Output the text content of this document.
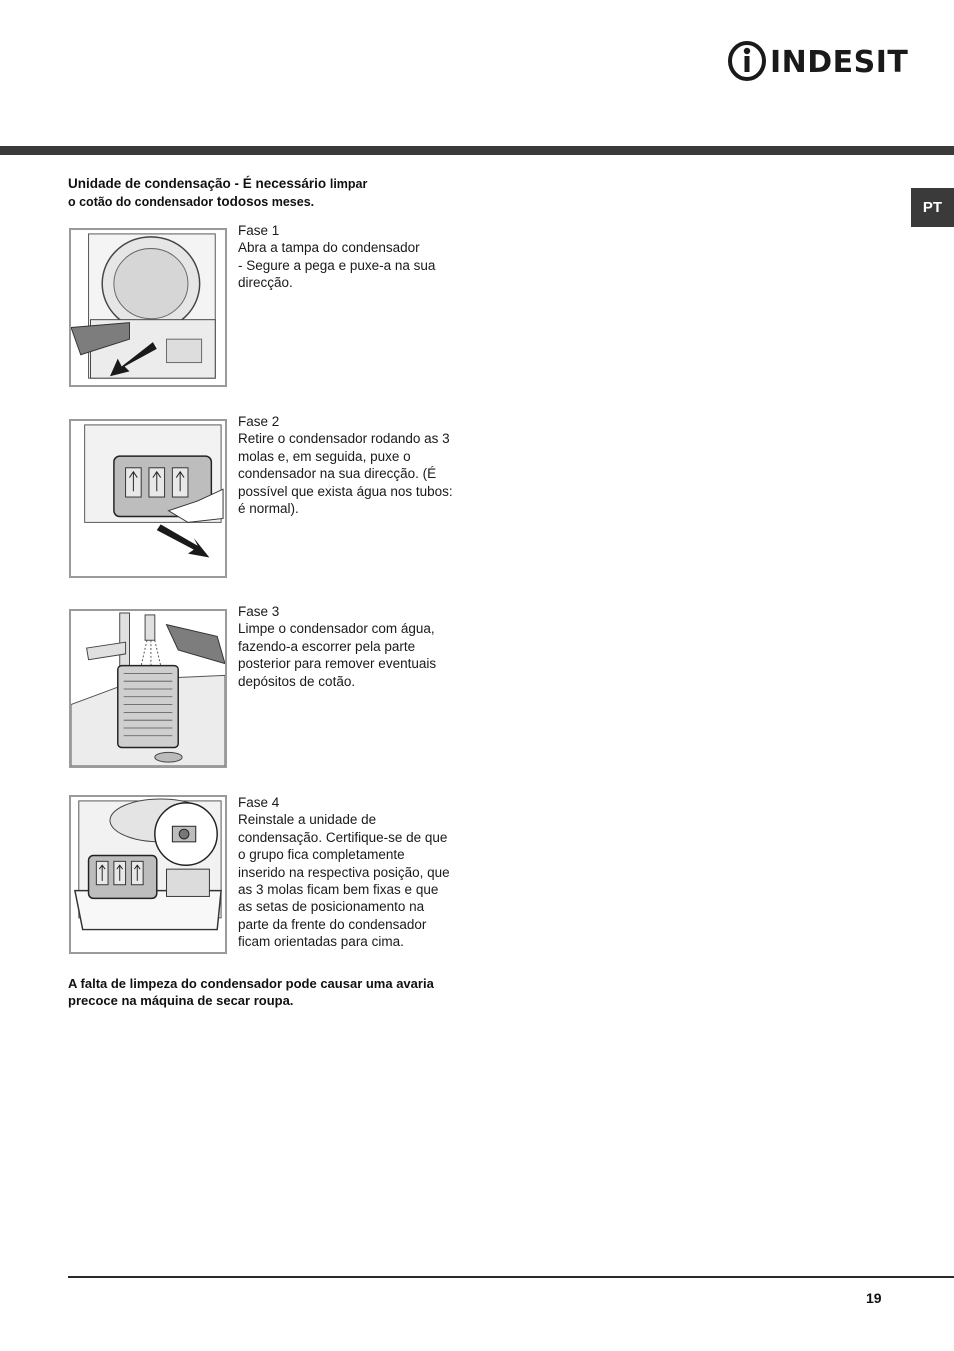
INDESIT
PT
Unidade de condensação - É necessário limpar
o cotão do condensador todosos meses.
Fase 1
Abra a tampa do condensador
- Segure a pega e puxe-a na sua direcção.
Fase 2
Retire o condensador rodando as 3 molas e, em seguida, puxe o condensador na sua direcção. (É possível que exista água nos tubos: é normal).
Fase 3
Limpe o condensador com água, fazendo-a escorrer pela parte posterior para remover eventuais depósitos de cotão.
Fase 4
Reinstale a unidade de condensação. Certifique-se de que o grupo fica completamente inserido na respectiva posição, que as 3 molas ficam bem fixas e que as setas de posicionamento na parte da frente do condensador ficam orientadas para cima.
A falta de limpeza do condensador pode causar uma avaria precoce na máquina de secar roupa.
19
